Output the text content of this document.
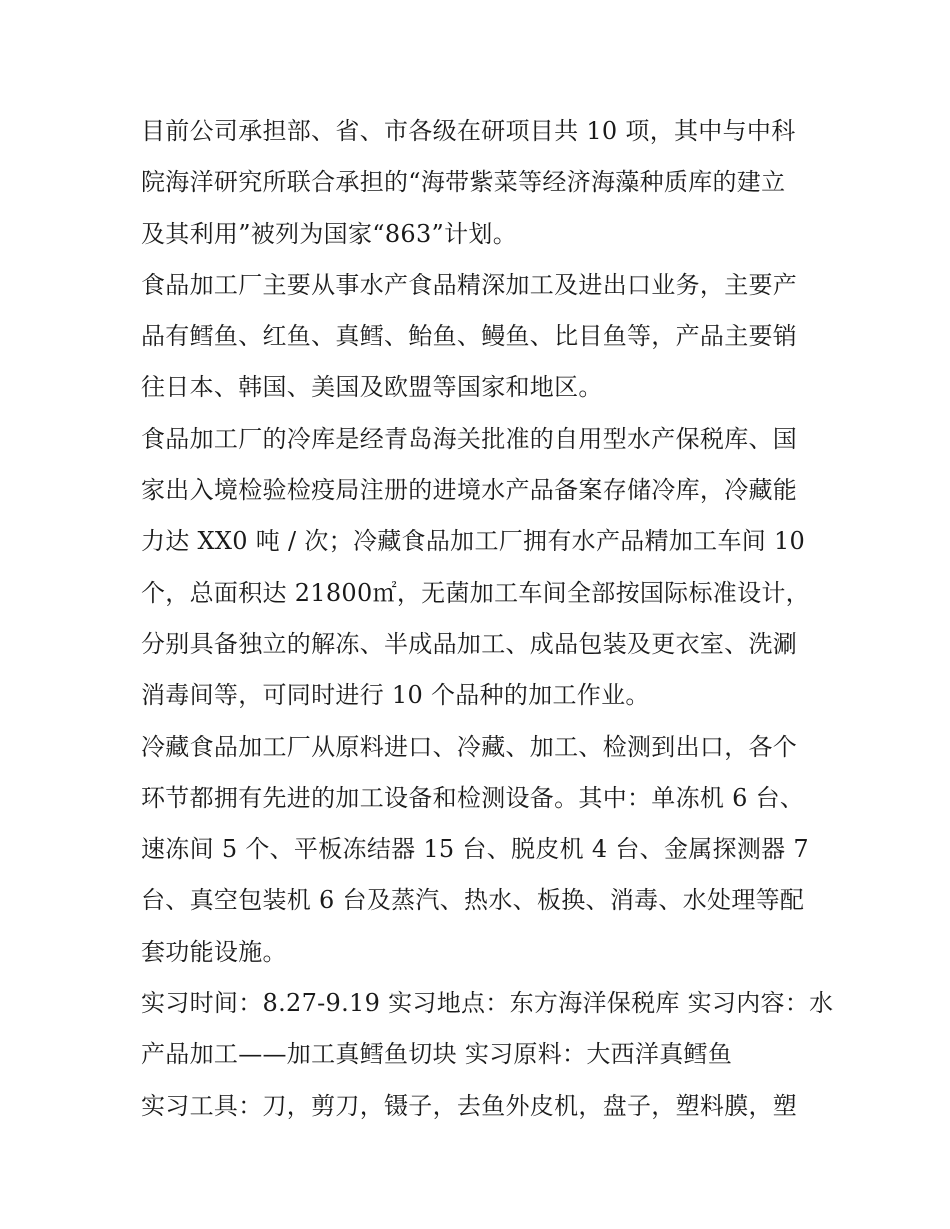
目前公司承担部、省、市各级在研项目共 10 项，其中与中科
院海洋研究所联合承担的“海带紫菜等经济海藻种质库的建立
及其利用”被列为国家“863”计划。
食品加工厂主要从事水产食品精深加工及进出口业务，主要产
品有鳕鱼、红鱼、真鳕、鲐鱼、鳗鱼、比目鱼等，产品主要销
往日本、韩国、美国及欧盟等国家和地区。
食品加工厂的冷库是经青岛海关批准的自用型水产保税库、国
家出入境检验检疫局注册的进境水产品备案存储冷库，冷藏能
力达 XX0 吨 / 次；冷藏食品加工厂拥有水产品精加工车间 10
个，总面积达 21800㎡，无菌加工车间全部按国际标准设计，
分别具备独立的解冻、半成品加工、成品包装及更衣室、洗涮
消毒间等，可同时进行 10 个品种的加工作业。
冷藏食品加工厂从原料进口、冷藏、加工、检测到出口，各个
环节都拥有先进的加工设备和检测设备。其中：单冻机 6 台、
速冻间 5 个、平板冻结器 15 台、脱皮机 4 台、金属探测器 7
台、真空包装机 6 台及蒸汽、热水、板换、消毒、水处理等配
套功能设施。
实习时间：8.27-9.19 实习地点：东方海洋保税库 实习内容：水
产品加工——加工真鳕鱼切块 实习原料：大西洋真鳕鱼
实习工具：刀，剪刀，镊子，去鱼外皮机，盘子，塑料膜，塑
